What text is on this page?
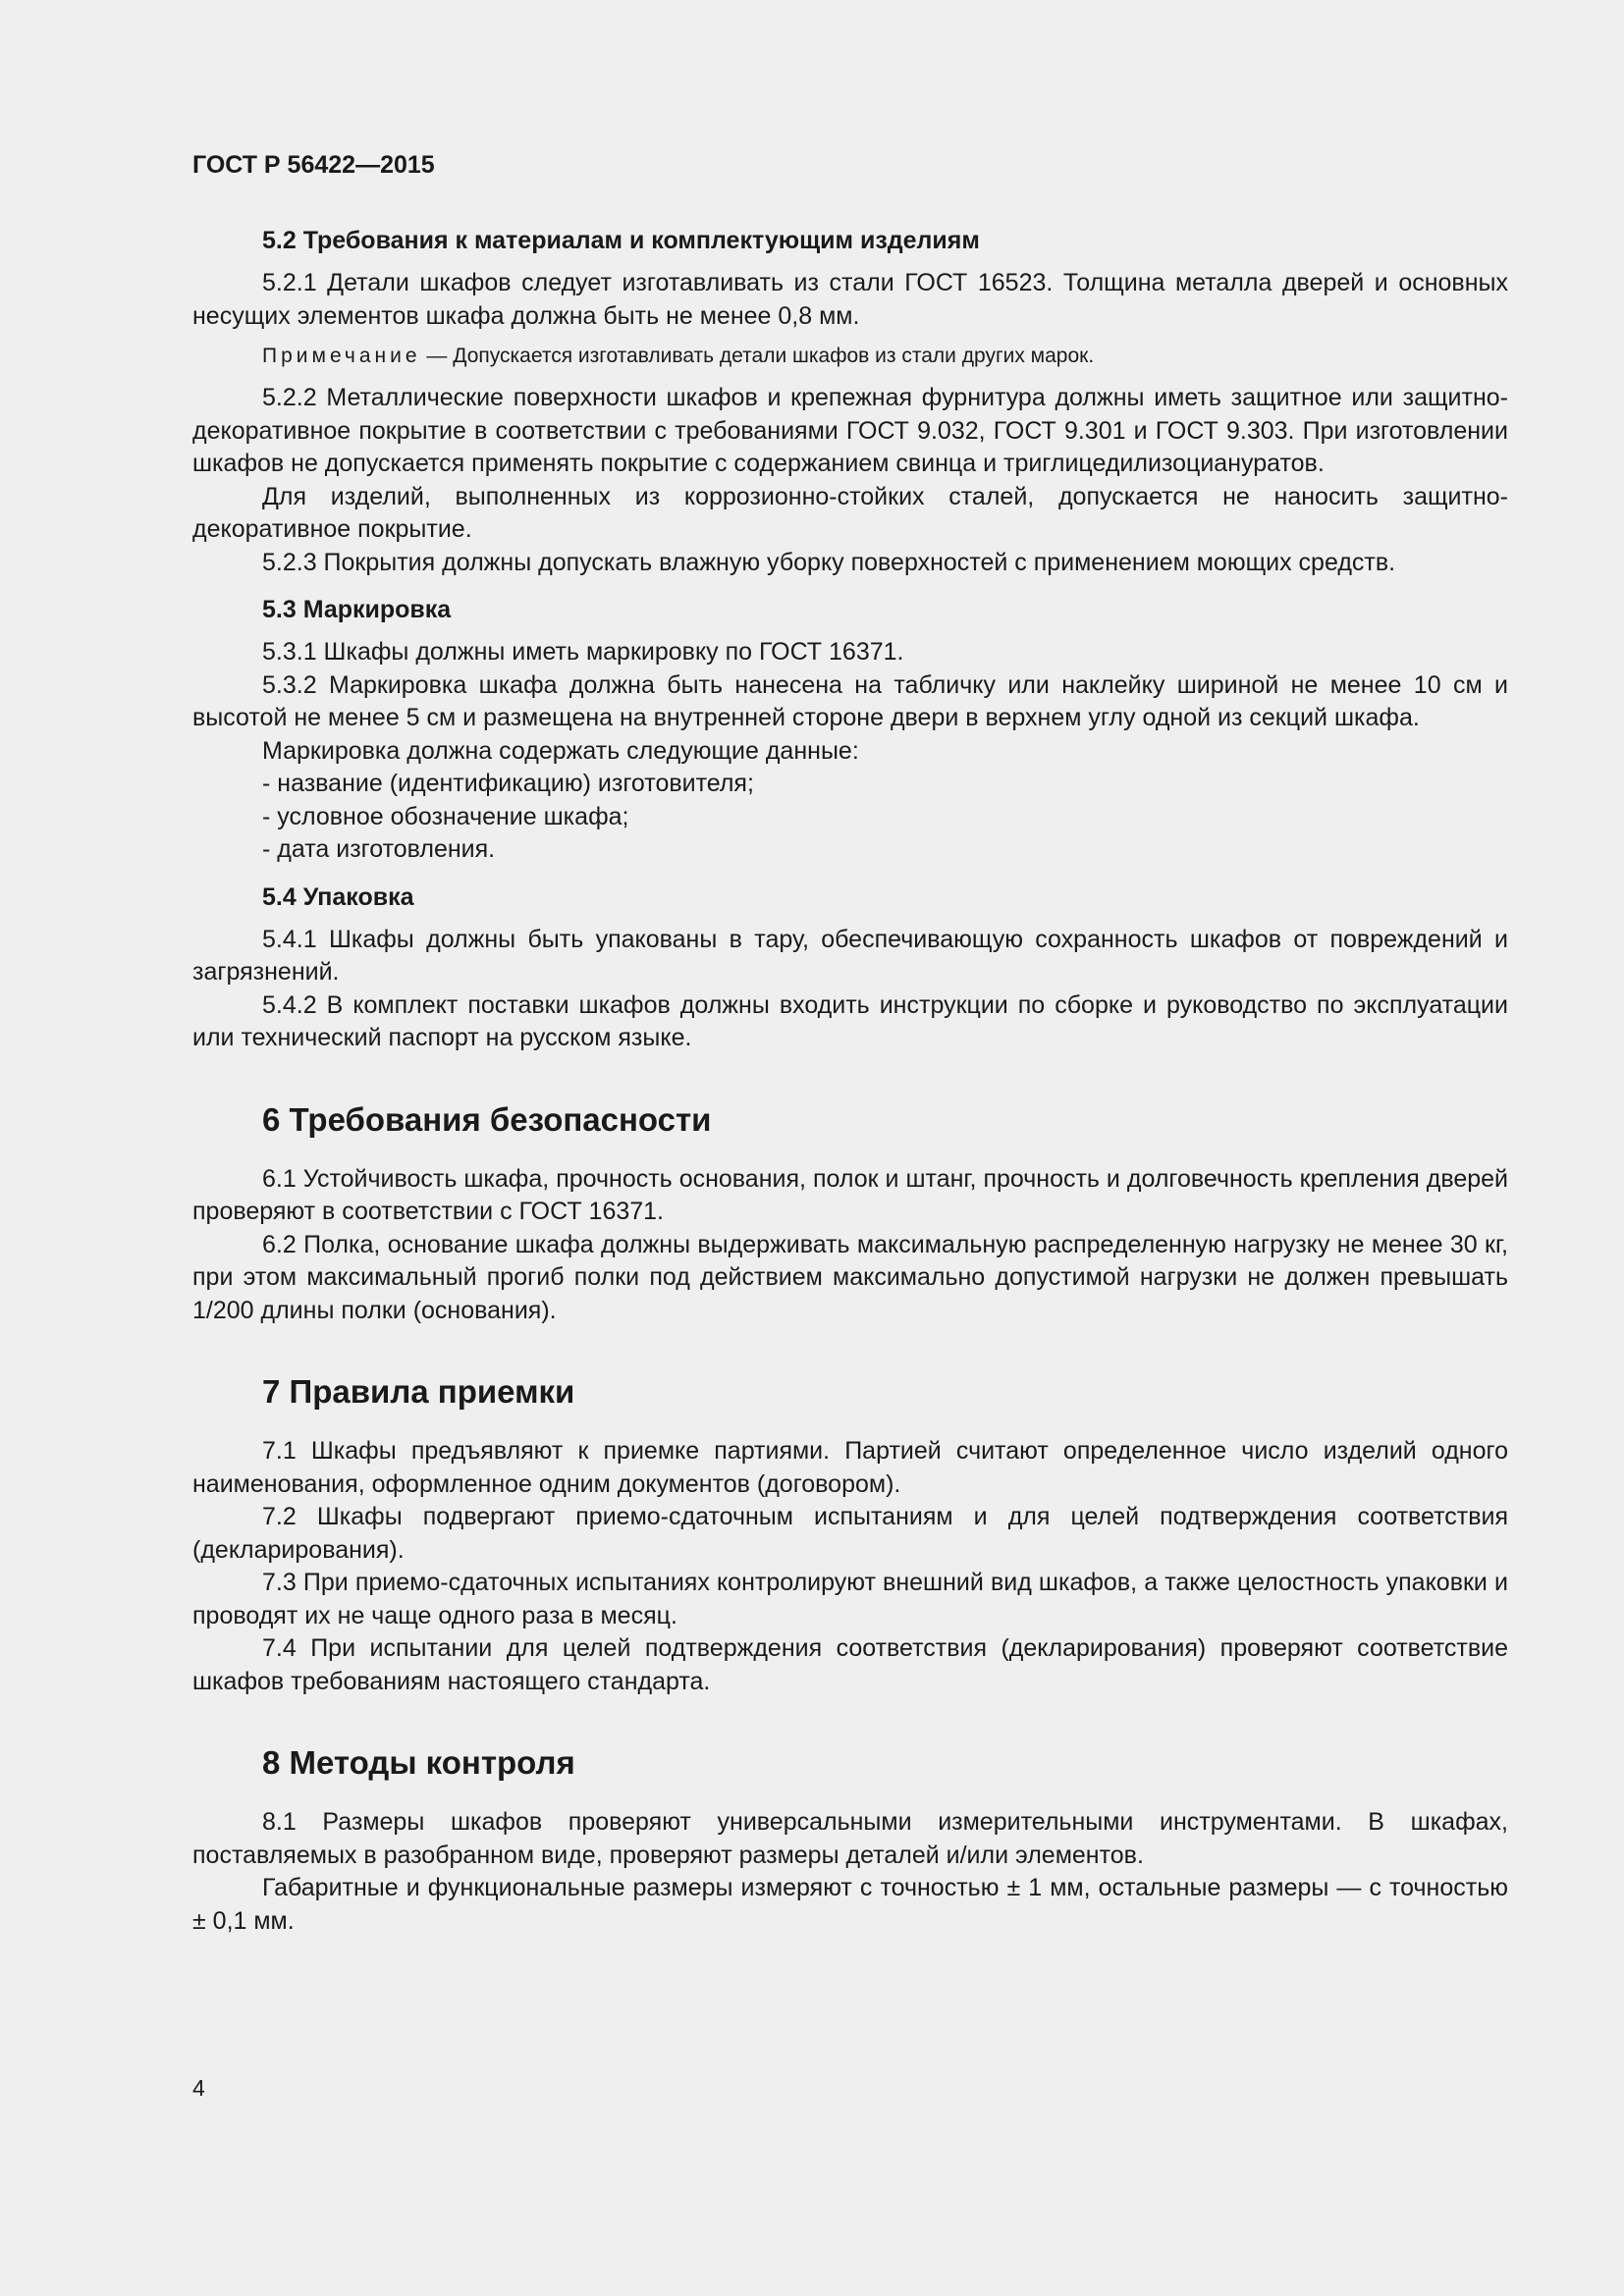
ГОСТ Р 56422—2015
5.2 Требования к материалам и комплектующим изделиям

5.2.1 Детали шкафов следует изготавливать из стали ГОСТ 16523. Толщина металла дверей и основных несущих элементов шкафа должна быть не менее 0,8 мм.

Примечание — Допускается изготавливать детали шкафов из стали других марок.

5.2.2 Металлические поверхности шкафов и крепежная фурнитура должны иметь защитное или защитно-декоративное покрытие в соответствии с требованиями ГОСТ 9.032, ГОСТ 9.301 и ГОСТ 9.303. При изготовлении шкафов не допускается применять покрытие с содержанием свинца и триглицедилизоциануратов.

Для изделий, выполненных из коррозионно-стойких сталей, допускается не наносить защитно-декоративное покрытие.

5.2.3 Покрытия должны допускать влажную уборку поверхностей с применением моющих средств.

5.3 Маркировка

5.3.1 Шкафы должны иметь маркировку по ГОСТ 16371.

5.3.2 Маркировка шкафа должна быть нанесена на табличку или наклейку шириной не менее 10 см и высотой не менее 5 см и размещена на внутренней стороне двери в верхнем углу одной из секций шкафа.

Маркировка должна содержать следующие данные:

- название (идентификацию) изготовителя;

- условное обозначение шкафа;

- дата изготовления.

5.4 Упаковка

5.4.1 Шкафы должны быть упакованы в тару, обеспечивающую сохранность шкафов от повреждений и загрязнений.

5.4.2 В комплект поставки шкафов должны входить инструкции по сборке и руководство по эксплуатации или технический паспорт на русском языке.

6 Требования безопасности

6.1 Устойчивость шкафа, прочность основания, полок и штанг, прочность и долговечность крепления дверей проверяют в соответствии с ГОСТ 16371.

6.2 Полка, основание шкафа должны выдерживать максимальную распределенную нагрузку не менее 30 кг, при этом максимальный прогиб полки под действием максимально допустимой нагрузки не должен превышать 1/200 длины полки (основания).

7 Правила приемки

7.1 Шкафы предъявляют к приемке партиями. Партией считают определенное число изделий одного наименования, оформленное одним документов (договором).

7.2 Шкафы подвергают приемо-сдаточным испытаниям и для целей подтверждения соответствия (декларирования).

7.3 При приемо-сдаточных испытаниях контролируют внешний вид шкафов, а также целостность упаковки и проводят их не чаще одного раза в месяц.

7.4 При испытании для целей подтверждения соответствия (декларирования) проверяют соответствие шкафов требованиям настоящего стандарта.

8 Методы контроля

8.1 Размеры шкафов проверяют универсальными измерительными инструментами. В шкафах, поставляемых в разобранном виде, проверяют размеры деталей и/или элементов.

Габаритные и функциональные размеры измеряют с точностью ± 1 мм, остальные размеры — с точностью ± 0,1 мм.

4
